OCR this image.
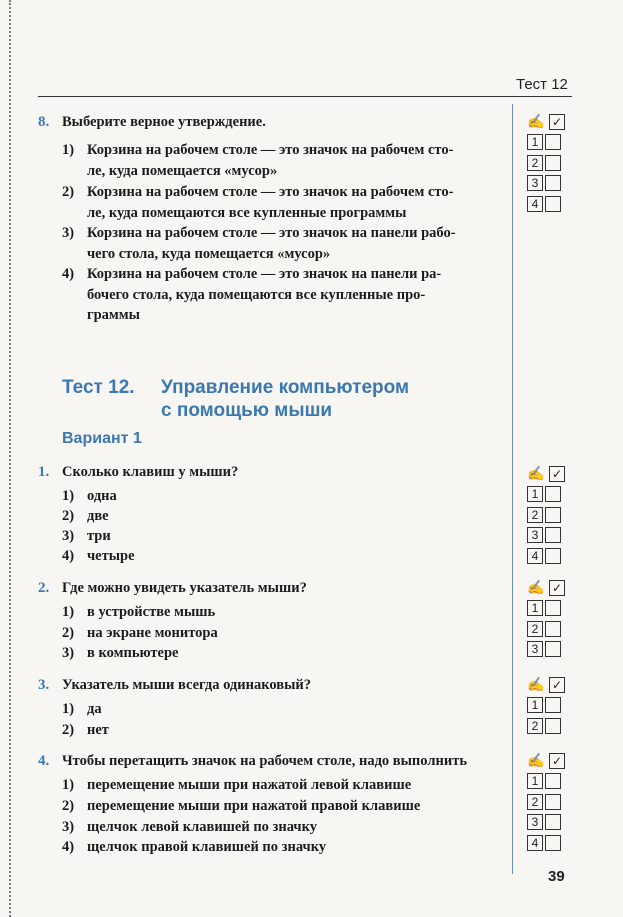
Тест 12
8. Выберите верное утверждение.
1) Корзина на рабочем столе — это значок на рабочем сто-
ле, куда помещается «мусор»
2) Корзина на рабочем столе — это значок на рабочем сто-
ле, куда помещаются все купленные программы
3) Корзина на рабочем столе — это значок на панели рабо-
чего стола, куда помещается «мусор»
4) Корзина на рабочем столе — это значок на панели ра-
бочего стола, куда помещаются все купленные про-
граммы
✍ ✓
1
2
3
4
Тест 12. Управление компьютером
с помощью мыши
Вариант 1
1. Сколько клавиш у мыши?
1) одна
2) две
3) три
4) четыре
✍ ✓
1
2
3
4
2. Где можно увидеть указатель мыши?
1) в устройстве мышь
2) на экране монитора
3) в компьютере
✍ ✓
1
2
3
3. Указатель мыши всегда одинаковый?
1) да
2) нет
✍ ✓
1
2
4. Чтобы перетащить значок на рабочем столе, надо выполнить
1) перемещение мыши при нажатой левой клавише
2) перемещение мыши при нажатой правой клавише
3) щелчок левой клавишей по значку
4) щелчок правой клавишей по значку
✍ ✓
1
2
3
4
39
